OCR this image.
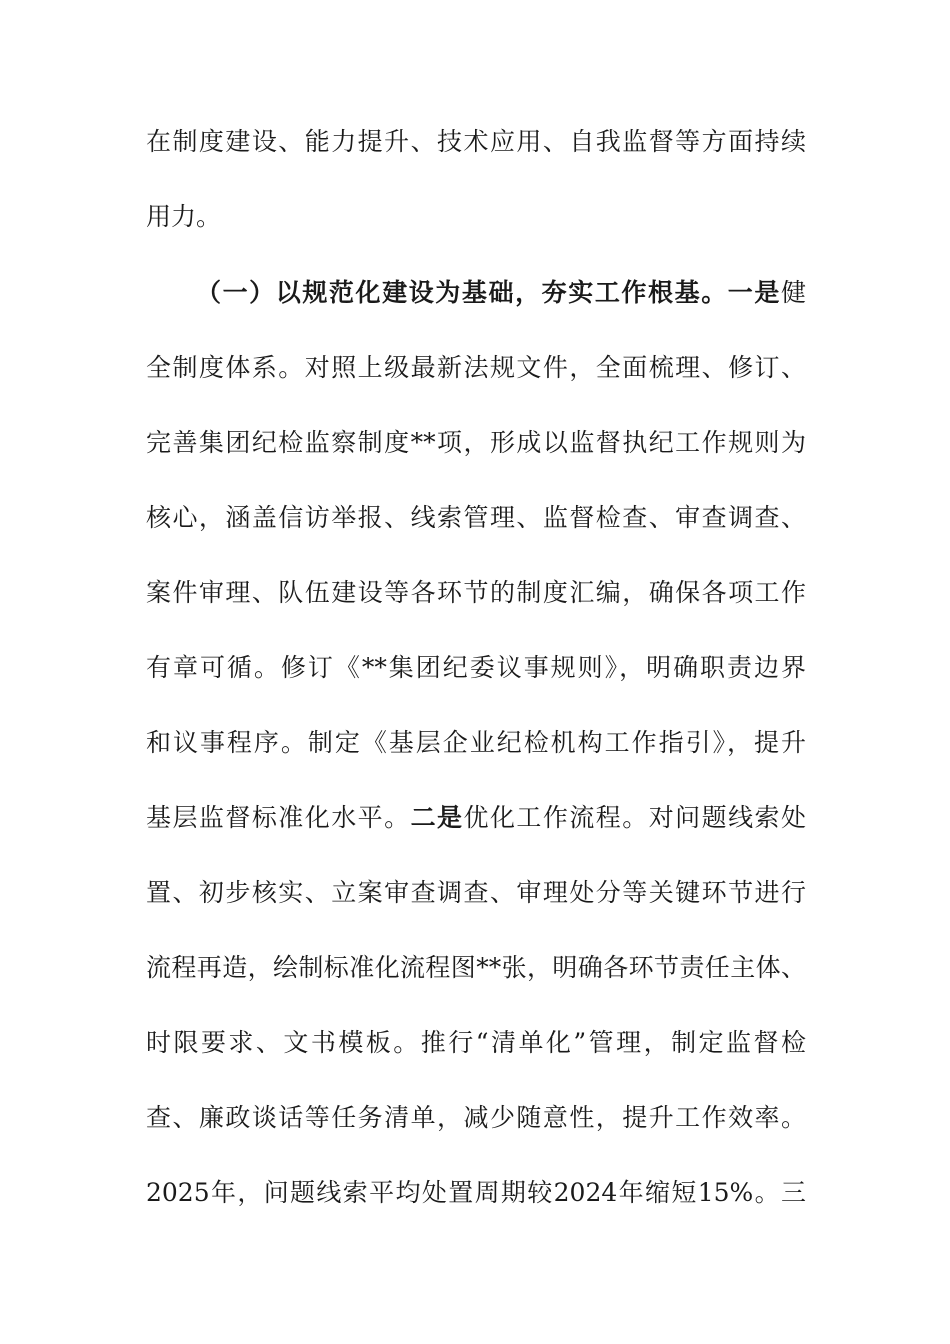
在制度建设、能力提升、技术应用、自我监督等方面持续
用力。
（一）以规范化建设为基础，夯实工作根基。一是健
全制度体系。对照上级最新法规文件，全面梳理、修订、
完善集团纪检监察制度**项，形成以监督执纪工作规则为
核心，涵盖信访举报、线索管理、监督检查、审查调查、
案件审理、队伍建设等各环节的制度汇编，确保各项工作
有章可循。修订《**集团纪委议事规则》，明确职责边界
和议事程序。制定《基层企业纪检机构工作指引》，提升
基层监督标准化水平。二是优化工作流程。对问题线索处
置、初步核实、立案审查调查、审理处分等关键环节进行
流程再造，绘制标准化流程图**张，明确各环节责任主体、
时限要求、文书模板。推行“清单化”管理，制定监督检
查、廉政谈话等任务清单，减少随意性，提升工作效率。
2025年，问题线索平均处置周期较2024年缩短15%。三
